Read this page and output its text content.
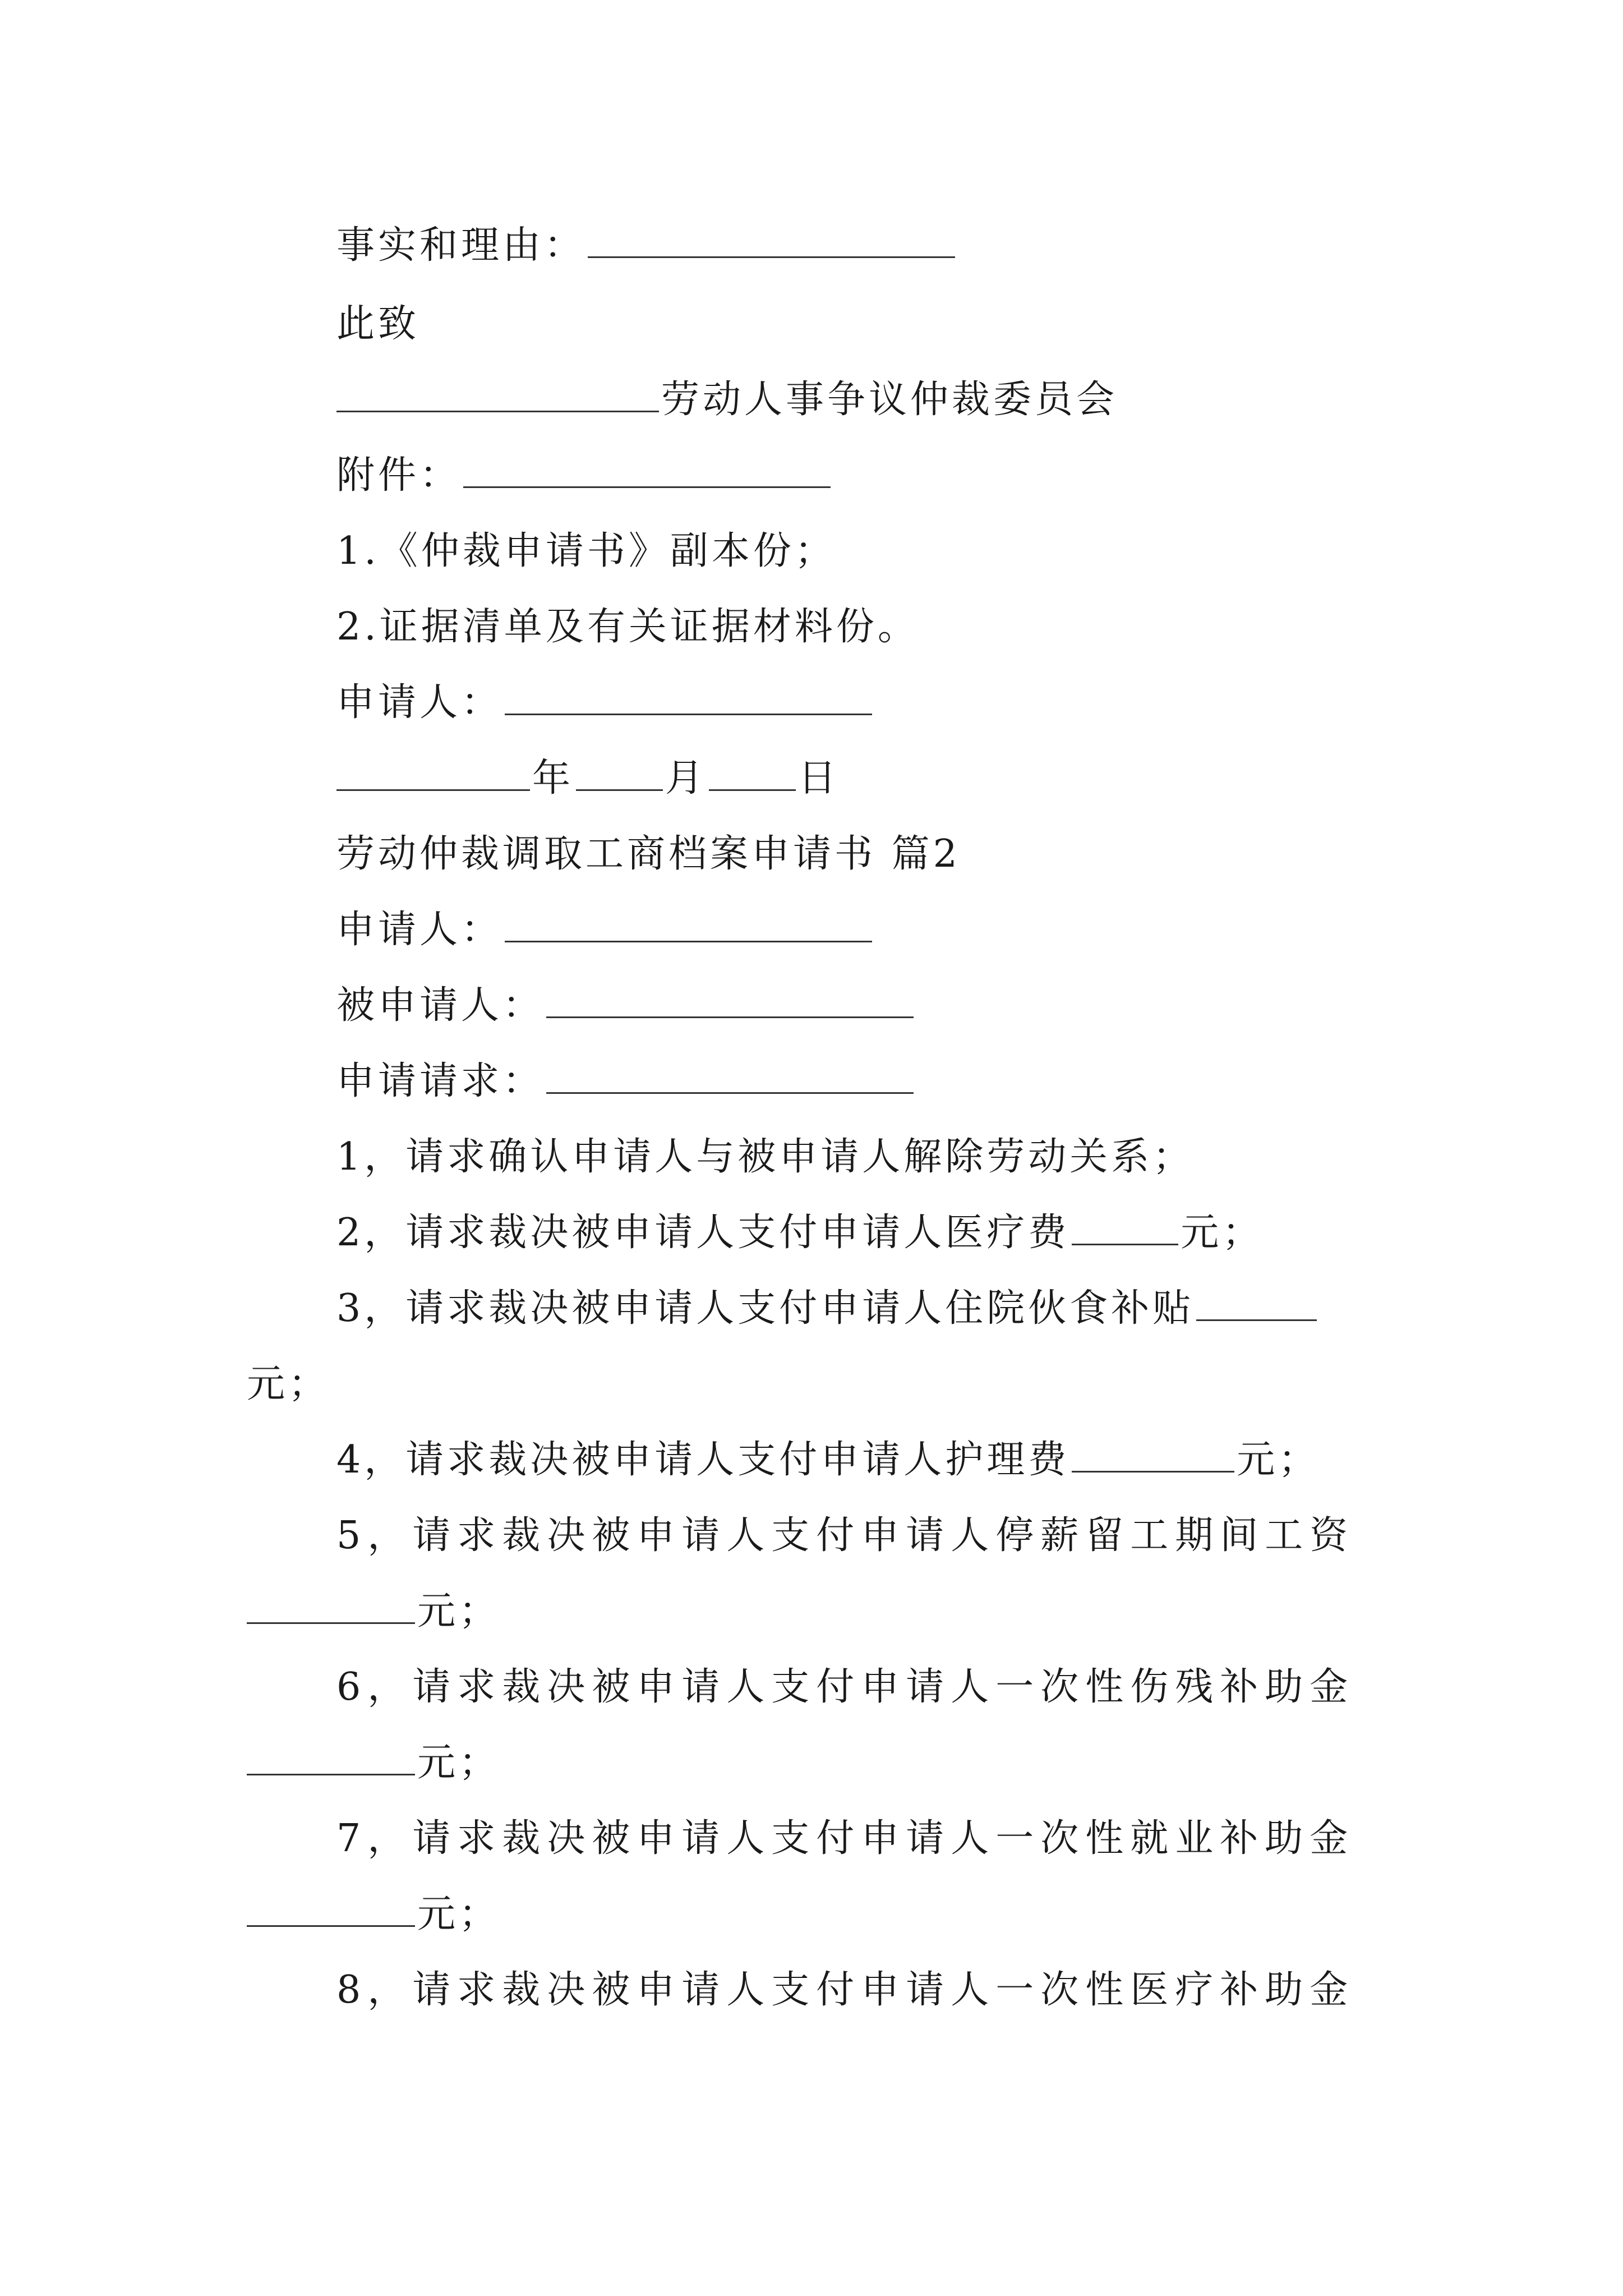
事实和理由：
此致
劳动人事争议仲裁委员会
附件：
1.《仲裁申请书》副本份；
2.证据清单及有关证据材料份。
申请人：
年 月 日
劳动仲裁调取工商档案申请书 篇2
申请人：
被申请人：
申请请求：
1，请求确认申请人与被申请人解除劳动关系；
2，请求裁决被申请人支付申请人医疗费	元；
3，请求裁决被申请人支付申请人住院伙食补贴
元；
4，请求裁决被申请人支付申请人护理费	元；
5，请求裁决被申请人支付申请人停薪留工期间工资
元；
6，请求裁决被申请人支付申请人一次性伤残补助金
元；
7，请求裁决被申请人支付申请人一次性就业补助金
元；
8，请求裁决被申请人支付申请人一次性医疗补助金
